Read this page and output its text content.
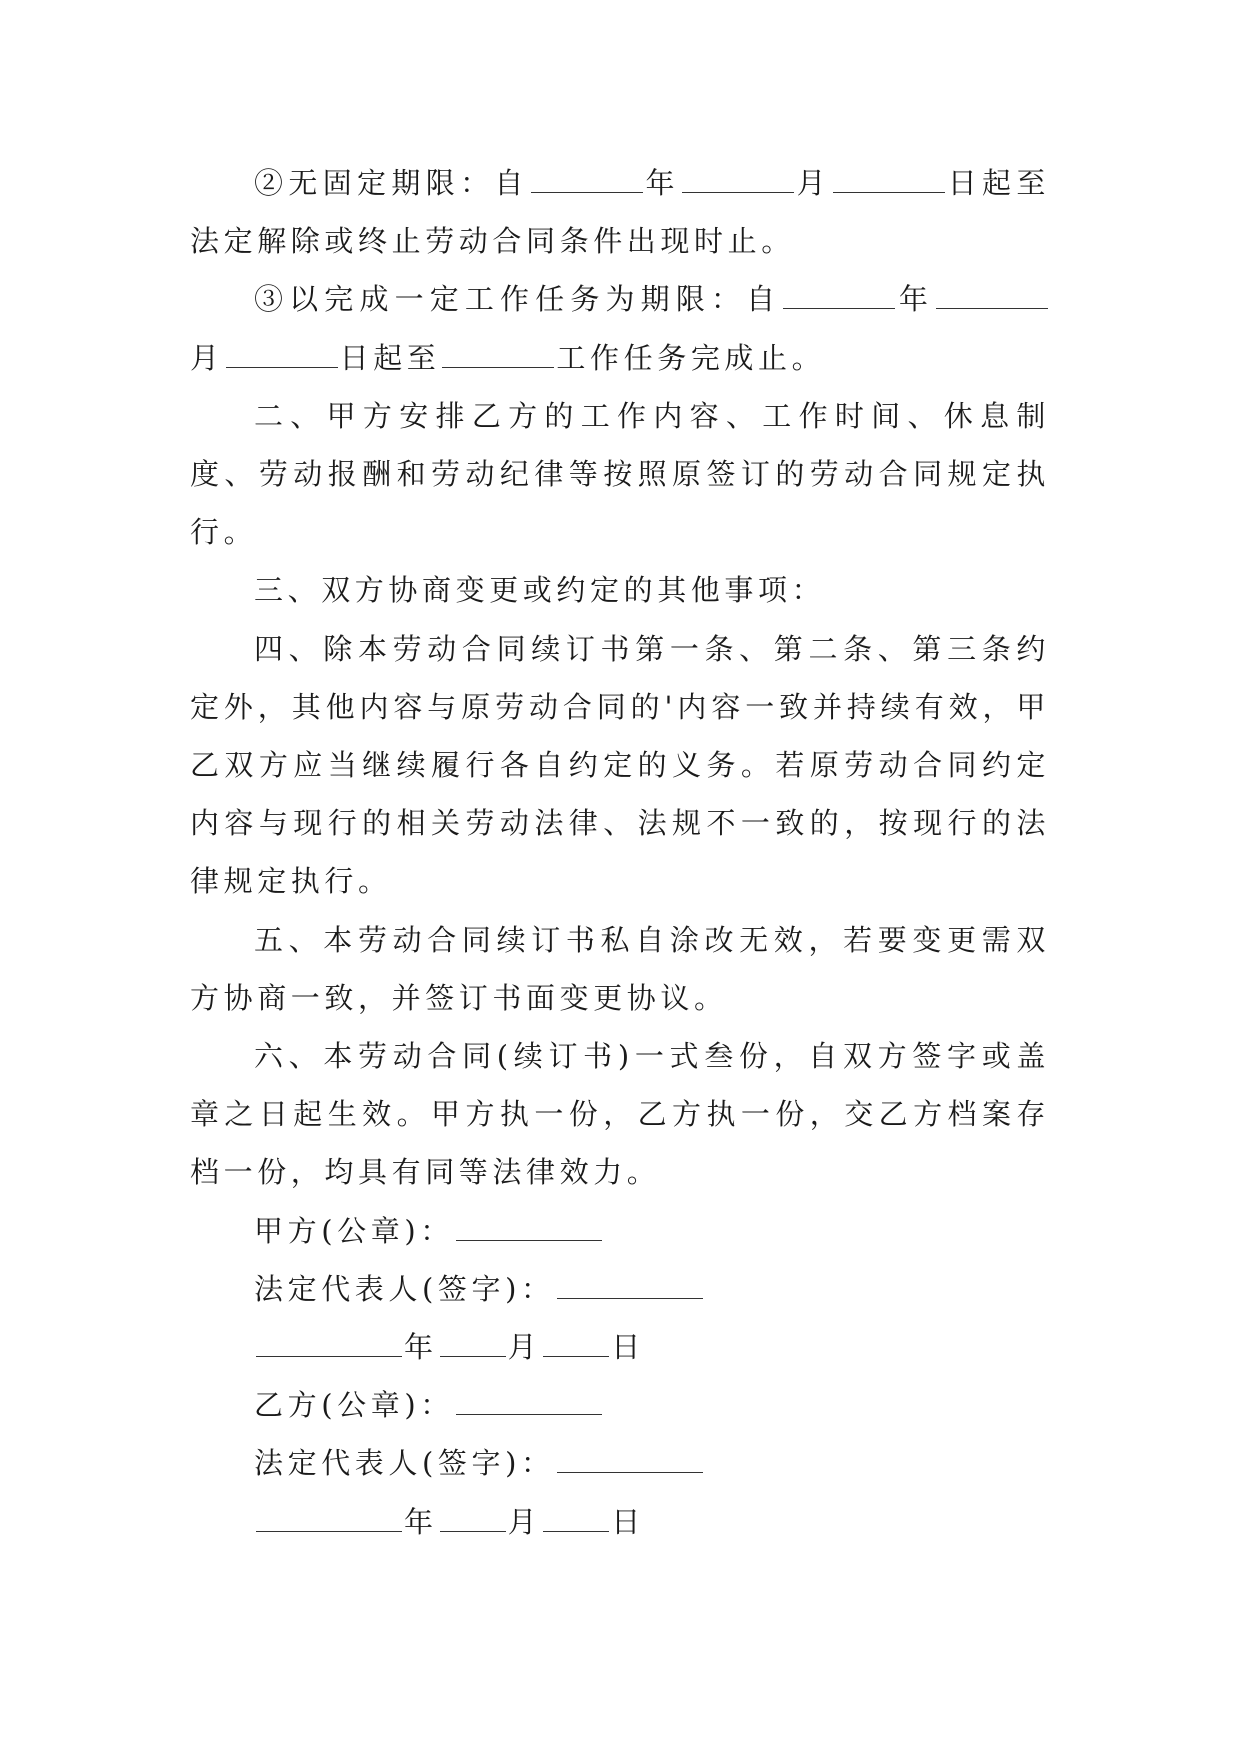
②无固定期限：自	年	月	日起至法定解除或终止劳动合同条件出现时止。

③以完成一定工作任务为期限：自	年月	日起至	工作任务完成止。

二、甲方安排乙方的工作内容、工作时间、休息制度、劳动报酬和劳动纪律等按照原签订的劳动合同规定执行。

三、双方协商变更或约定的其他事项：

四、除本劳动合同续订书第一条、第二条、第三条约定外，其他内容与原劳动合同的'内容一致并持续有效，甲乙双方应当继续履行各自约定的义务。若原劳动合同约定内容与现行的相关劳动法律、法规不一致的，按现行的法律规定执行。

五、本劳动合同续订书私自涂改无效，若要变更需双方协商一致，并签订书面变更协议。

六、本劳动合同(续订书)一式叁份，自双方签字或盖章之日起生效。甲方执一份，乙方执一份，交乙方档案存档一份，均具有同等法律效力。

甲方(公章)：

法定代表人(签字)：

年 月 日

乙方(公章)：

法定代表人(签字)：

年 月 日
